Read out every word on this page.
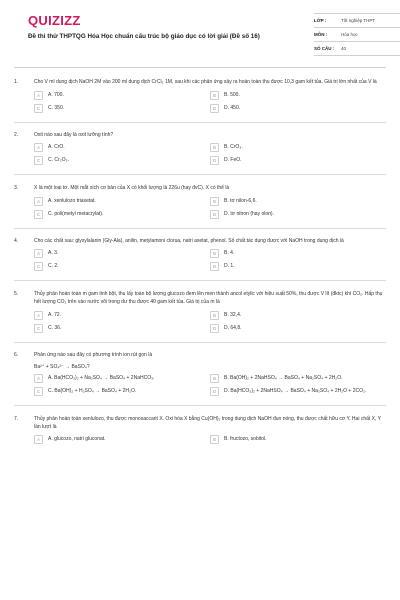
QUIZIZZ
Đề thi thử THPTQG Hóa Học chuẩn cấu trúc bộ giáo dục có lời giải (Đề số 16)
LỚP :	Tốt nghiệp THPT
MÔN :	Hóa học
SỐ CÂU :	40
1.	Cho V ml dung dịch NaOH 2M vào 200 ml dung dịch CrCl₃ 1M, sau khi các phản ứng xảy ra hoàn toàn thu được 10,3 gam kết tủa. Giá trị lớn nhất của V là
A	A. 700.	B	B. 500.
C	C. 350.	D	D. 450.
2.	Oxit nào sau đây là oxit lưỡng tính?
A	A. CrO.	B	B. CrO₃.
C	C. Cr₂O₃.	D	D. FeO.
3.	X là một loại tơ. Một mắt xích cơ bản của X có khối lượng là 226u (hay đvC). X có thể là
A	A. xenlulozo triaxetat.	B	B. tơ nilon-6,6.
C	C. poli(metyl metacrylat).	D	D. tơ nitron (hay olon).
4.	Cho các chất sau: glyxylalanin (Gly-Ala), anilin, metylamoni clorua, natri axetat, phenol. Số chất tác dụng được với NaOH trong dung dịch là
A	A. 3.	B	B. 4.
C	C. 2.	D	D. 1.
5.	Thủy phân hoàn toàn m gam tinh bột, thu lấy toàn bộ lượng glucozo đem lên men thành ancol etylic với hiệu suất 50%, thu được V lít (đktc) khí CO₂. Hấp thụ hết lượng CO₂ trên vào nước vôi trong dư thu được 40 gam kết tủa. Giá trị của m là
A	A. 72.	B	B. 32,4.
C	C. 36.	D	D. 64,8.
6.	Phản ứng nào sau đây có phương trình ion rút gọn là
Ba²⁺ + SO₄²⁻ → BaSO₄?
A	A. Ba(HCO₃)₂ + Na₂SO₄ → BaSO₄ + 2NaHCO₃.	B	B. Ba(OH)₂ + 2NaHSO₄ → BaSO₄ + Na₂SO₄ + 2H₂O.
C	C. Ba(OH)₂ + H₂SO₄ → BaSO₄ + 2H₂O.	D	D. Ba(HCO₃)₂ + 2NaHSO₄ → BaSO₄ + Na₂SO₄ + 2H₂O + 2CO₂.
7.	Thủy phân hoàn toàn xenlulozo, thu được monosaccarit X. Oxi hóa X bằng Cu(OH)₂ trong dung dịch NaOH đun nóng, thu được chất hữu cơ Y. Hai chất X, Y lần lượt là
A	A. glucozo, natri gluconat.	B	B. fructozo, sobitol.
